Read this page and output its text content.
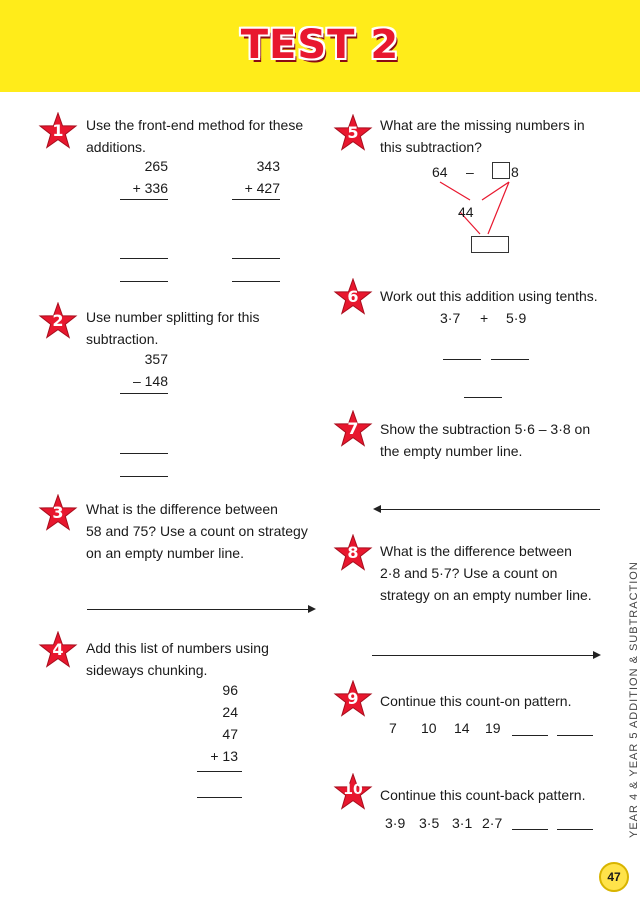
TEST 2
1	Use the front-end method for these
additions.
265
+ 336
343
+ 427
2	Use number splitting for this
subtraction.
357
– 148
3	What is the difference between
58 and 75? Use a count on strategy
on an empty number line.
4	Add this list of numbers using
sideways chunking.
96
24
47
+ 13
5	What are the missing numbers in
this subtraction?
64 –	8
44
6	Work out this addition using tenths.
3·7 + 5·9
7	Show the subtraction 5·6 – 3·8 on
the empty number line.
8	What is the difference between
2·8 and 5·7? Use a count on
strategy on an empty number line.
9	Continue this count-on pattern.
7 10 14 19
10	Continue this count-back pattern.
3·9 3·5 3·1 2·7	YEAR 4 & YEAR 5 ADDITION & SUBTRACTION
47
